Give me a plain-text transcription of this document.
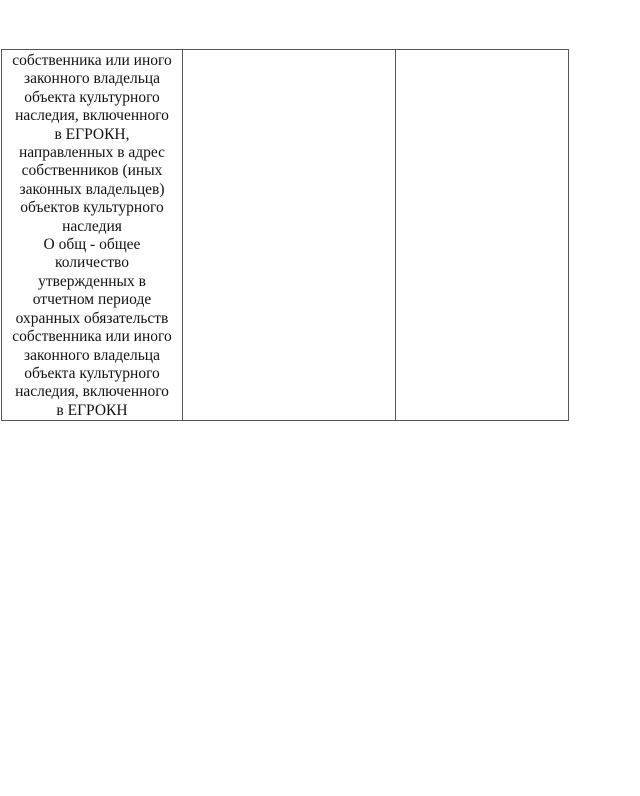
собственника или иного
законного владельца
объекта культурного
наследия, включенного
в ЕГРОКН,
направленных в адрес
собственников (иных
законных владельцев)
объектов культурного
наследия
О общ - общее
количество
утвержденных в
отчетном периоде
охранных обязательств
собственника или иного
законного владельца
объекта культурного
наследия, включенного
в ЕГРОКН
